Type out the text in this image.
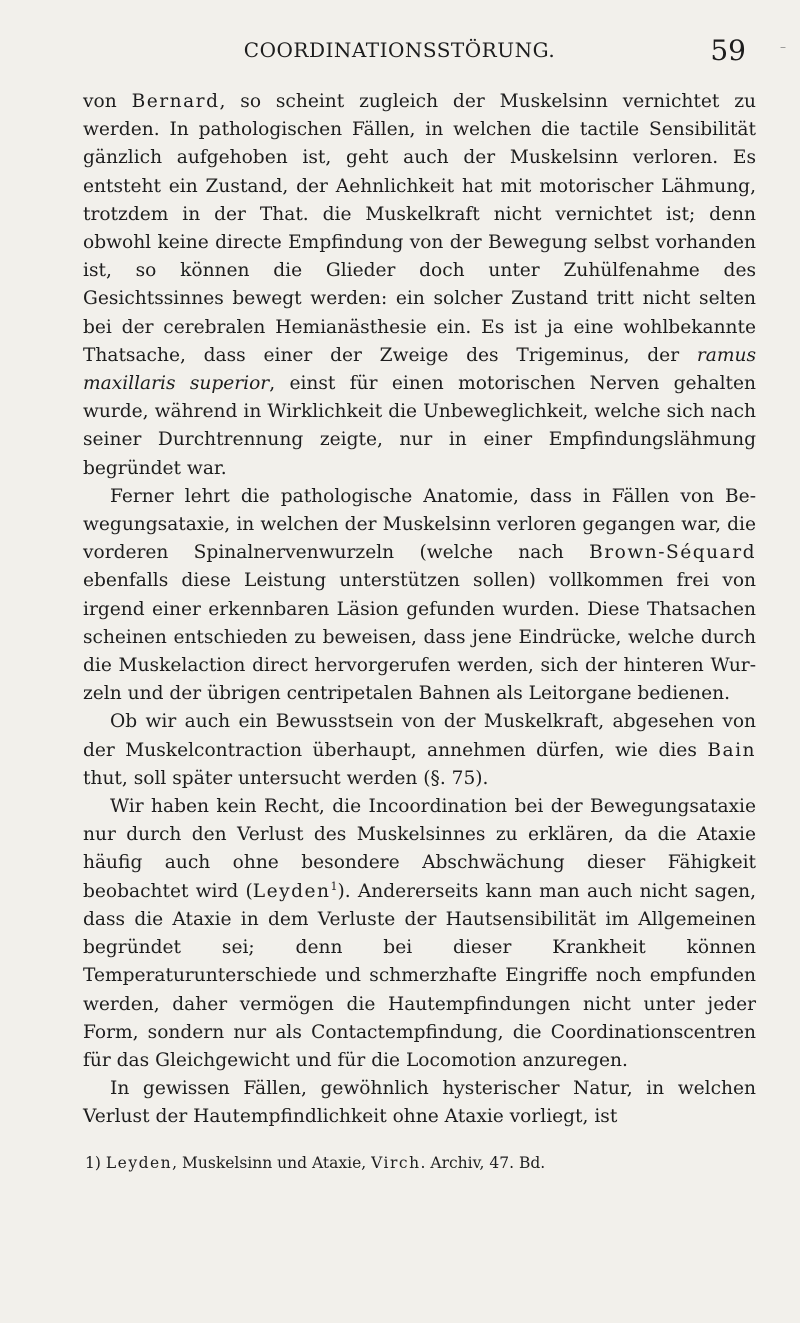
COORDINATIONSSTÖRUNG.	59	–

von Bernard, so scheint zugleich der Muskelsinn vernichtet zu werden. In pathologischen Fällen, in welchen die tactile Sensibilität gänzlich aufgehoben ist, geht auch der Muskelsinn verloren. Es entsteht ein Zustand, der Aehnlichkeit hat mit motorischer Lähmung, trotzdem in der That. die Muskelkraft nicht vernichtet ist; denn obwohl keine directe Empfindung von der Bewegung selbst vorhanden ist, so können die Glieder doch unter Zuhülfenahme des Gesichtssinnes bewegt werden: ein solcher Zustand tritt nicht selten bei der cerebralen Hemianästhesie ein. Es ist ja eine wohlbekannte Thatsache, dass einer der Zweige des Trigeminus, der ramus maxillaris superior, einst für einen motorischen Nerven gehalten wurde, während in Wirklichkeit die Unbeweglichkeit, welche sich nach seiner Durchtrennung zeigte, nur in einer Empfindungslähmung begründet war.

Ferner lehrt die pathologische Anatomie, dass in Fällen von Bewegungsataxie, in welchen der Muskelsinn verloren gegangen war, die vorderen Spinalnervenwurzeln (welche nach Brown-Séquard ebenfalls diese Leistung unterstützen sollen) vollkommen frei von irgend einer erkennbaren Läsion gefunden wurden. Diese Thatsachen scheinen entschieden zu beweisen, dass jene Eindrücke, welche durch die Muskelaction direct hervorgerufen werden, sich der hinteren Wurzeln und der übrigen centripetalen Bahnen als Leitorgane bedienen.

Ob wir auch ein Bewusstsein von der Muskelkraft, abgesehen von der Muskelcontraction überhaupt, annehmen dürfen, wie dies Bain thut, soll später untersucht werden (§. 75).

Wir haben kein Recht, die Incoordination bei der Bewegungsataxie nur durch den Verlust des Muskelsinnes zu erklären, da die Ataxie häufig auch ohne besondere Abschwächung dieser Fähigkeit beobachtet wird (Leyden$^1$). Andererseits kann man auch nicht sagen, dass die Ataxie in dem Verluste der Hautsensibilität im Allgemeinen begründet sei; denn bei dieser Krankheit können Temperaturunterschiede und schmerzhafte Eingriffe noch empfunden werden, daher vermögen die Hautempfindungen nicht unter jeder Form, sondern nur als Contactempfindung, die Coordinationscentren für das Gleichgewicht und für die Locomotion anzuregen.

In gewissen Fällen, gewöhnlich hysterischer Natur, in welchen Verlust der Hautempfindlichkeit ohne Ataxie vorliegt, ist

1) Leyden, Muskelsinn und Ataxie, Virch. Archiv, 47. Bd.
